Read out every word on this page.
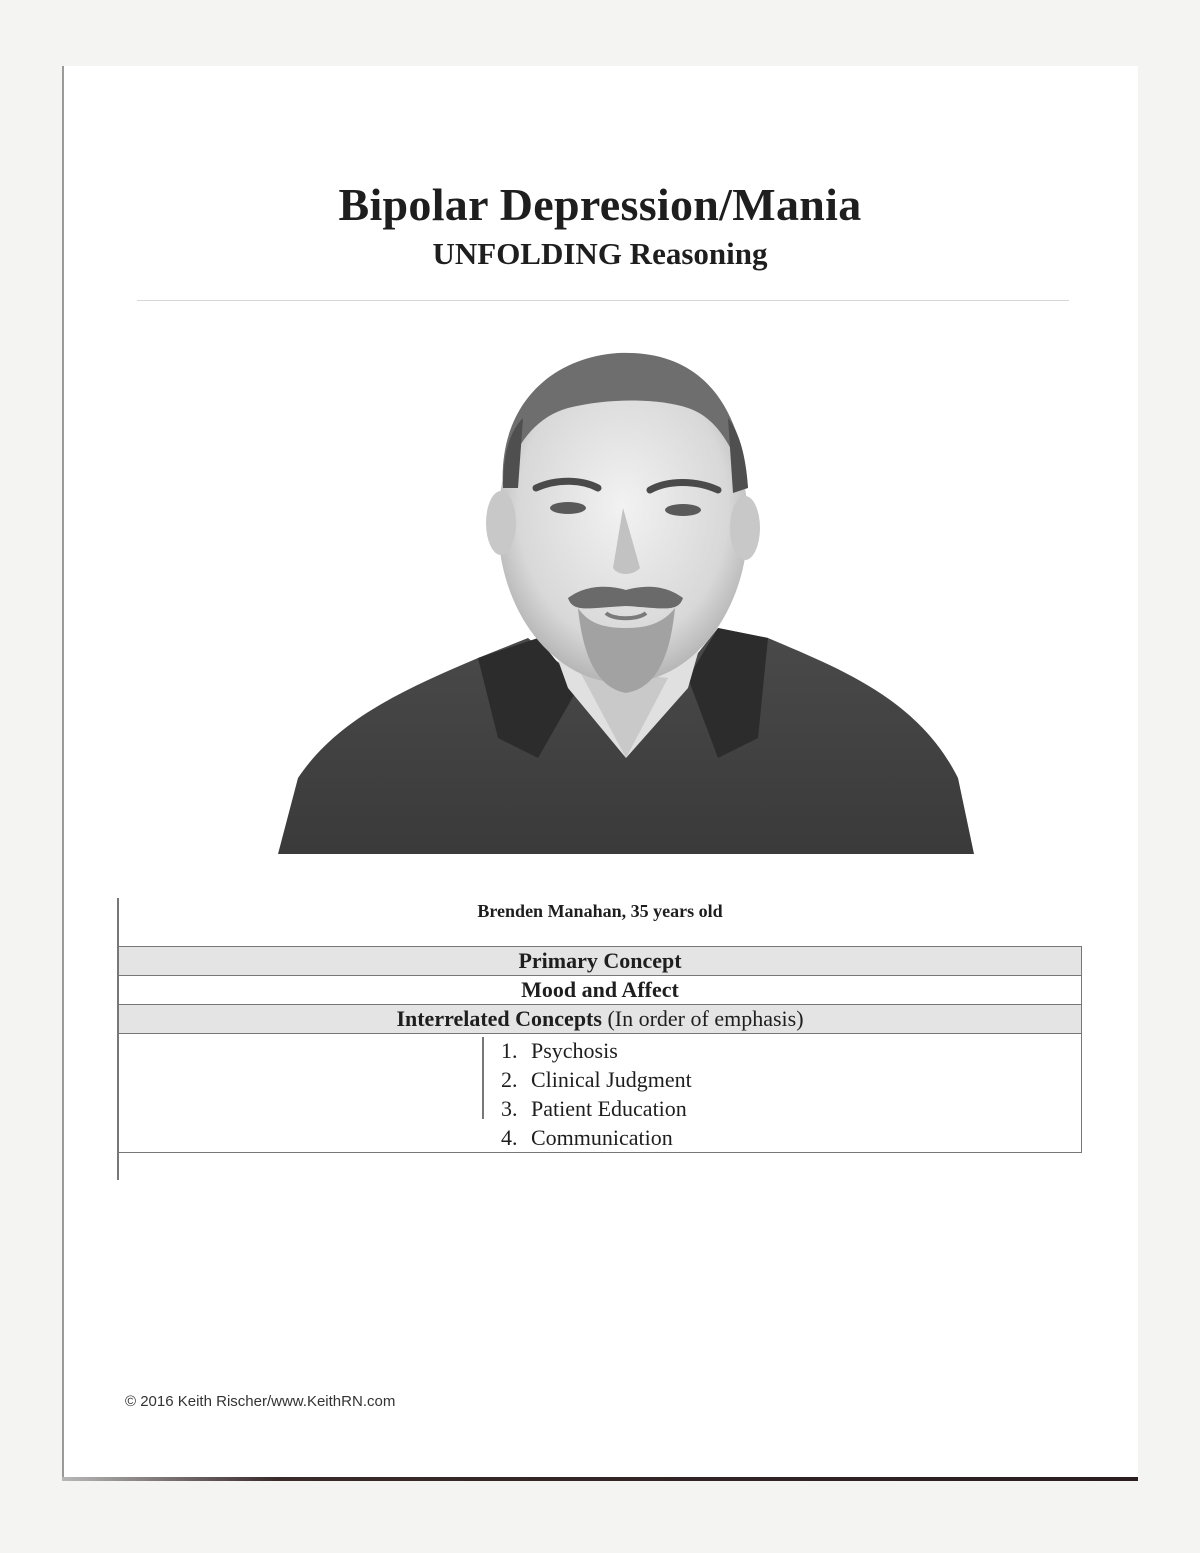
Bipolar Depression/Mania
UNFOLDING Reasoning
Brenden Manahan, 35 years old
Primary Concept
Mood and Affect
Interrelated Concepts (In order of emphasis)

1. Psychosis
2. Clinical Judgment
3. Patient Education
4. Communication
© 2016 Keith Rischer/www.KeithRN.com
